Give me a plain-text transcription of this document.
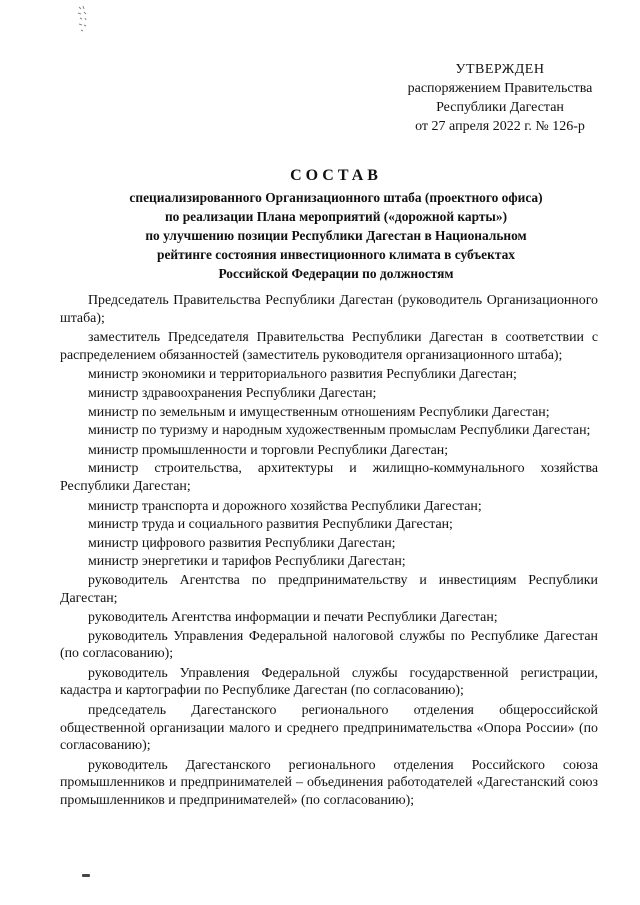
УТВЕРЖДЕН
распоряжением Правительства
Республики Дагестан
от 27 апреля 2022 г. № 126-р
СОСТАВ
специализированного Организационного штаба (проектного офиса)
по реализации Плана мероприятий («дорожной карты»)
по улучшению позиции Республики Дагестан в Национальном
рейтинге состояния инвестиционного климата в субъектах
Российской Федерации по должностям

Председатель Правительства Республики Дагестан (руководитель Организационного штаба);

заместитель Председателя Правительства Республики Дагестан в соответствии с распределением обязанностей (заместитель руководителя организационного штаба);

министр экономики и территориального развития Республики Дагестан;

министр здравоохранения Республики Дагестан;

министр по земельным и имущественным отношениям Республики Дагестан;

министр по туризму и народным художественным промыслам Республики Дагестан;

министр промышленности и торговли Республики Дагестан;

министр строительства, архитектуры и жилищно-коммунального хозяйства Республики Дагестан;

министр транспорта и дорожного хозяйства Республики Дагестан;

министр труда и социального развития Республики Дагестан;

министр цифрового развития Республики Дагестан;

министр энергетики и тарифов Республики Дагестан;

руководитель Агентства по предпринимательству и инвестициям Республики Дагестан;

руководитель Агентства информации и печати Республики Дагестан;

руководитель Управления Федеральной налоговой службы по Республике Дагестан (по согласованию);

руководитель Управления Федеральной службы государственной регистрации, кадастра и картографии по Республике Дагестан (по согласованию);

председатель Дагестанского регионального отделения общероссийской общественной организации малого и среднего предпринимательства «Опора России» (по согласованию);

руководитель Дагестанского регионального отделения Российского союза промышленников и предпринимателей – объединения работодателей «Дагестанский союз промышленников и предпринимателей» (по согласованию);
